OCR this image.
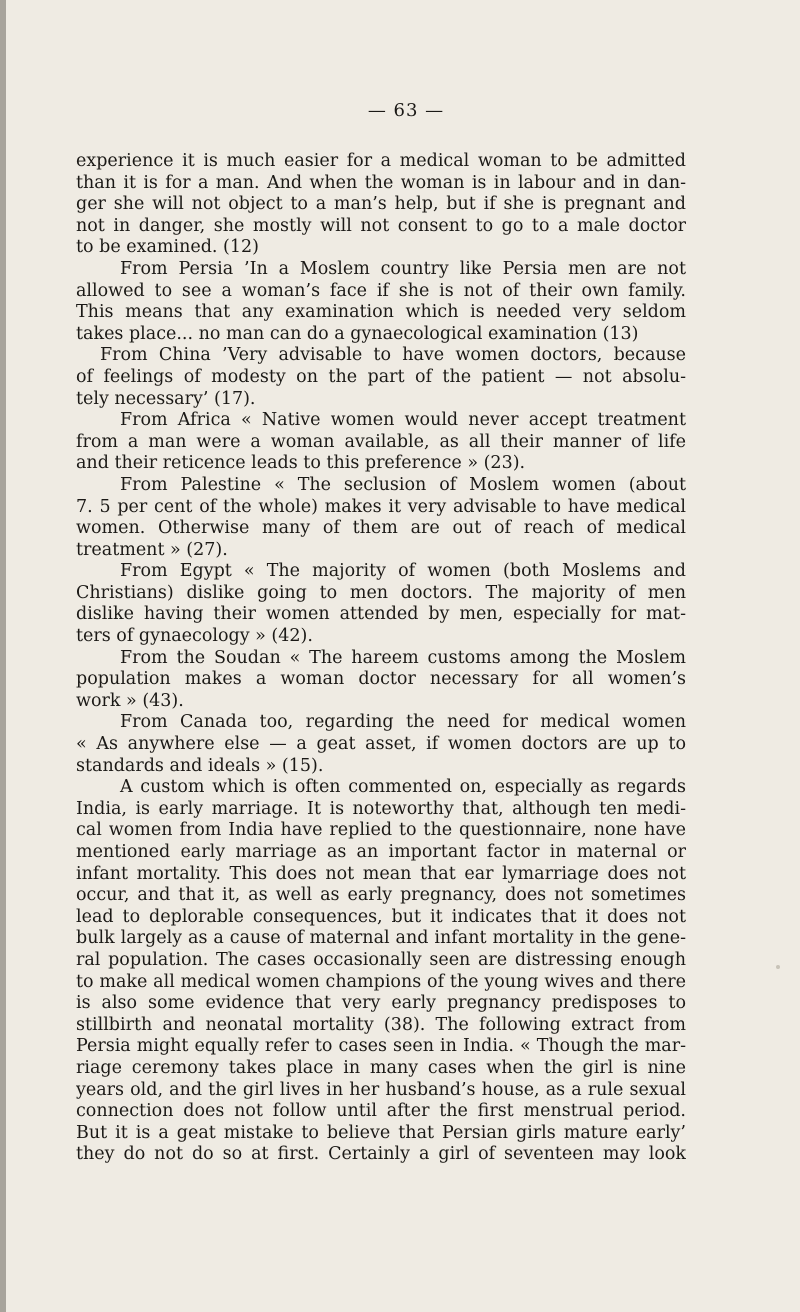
— 63 —
experience it is much easier for a medical woman to be admitted
than it is for a man. And when the woman is in labour and in dan-
ger she will not object to a man’s help, but if she is pregnant and
not in danger, she mostly will not consent to go to a male doctor
to be examined. (12)
From Persia ’In a Moslem country like Persia men are not
allowed to see a woman’s face if she is not of their own family.
This means that any examination which is needed very seldom
takes place... no man can do a gynaecological examination (13)
From China ’Very advisable to have women doctors, because
of feelings of modesty on the part of the patient — not absolu-
tely necessary’ (17).
From Africa « Native women would never accept treatment
from a man were a woman available, as all their manner of life
and their reticence leads to this preference » (23).
From Palestine « The seclusion of Moslem women (about
7. 5 per cent of the whole) makes it very advisable to have medical
women. Otherwise many of them are out of reach of medical
treatment » (27).
From Egypt « The majority of women (both Moslems and
Christians) dislike going to men doctors. The majority of men
dislike having their women attended by men, especially for mat-
ters of gynaecology » (42).
From the Soudan « The hareem customs among the Moslem
population makes a woman doctor necessary for all women’s
work » (43).
From Canada too, regarding the need for medical women
« As anywhere else — a geat asset, if women doctors are up to
standards and ideals » (15).
A custom which is often commented on, especially as regards
India, is early marriage. It is noteworthy that, although ten medi-
cal women from India have replied to the questionnaire, none have
mentioned early marriage as an important factor in maternal or
infant mortality. This does not mean that ear lymarriage does not
occur, and that it, as well as early pregnancy, does not sometimes
lead to deplorable consequences, but it indicates that it does not
bulk largely as a cause of maternal and infant mortality in the gene-
ral population. The cases occasionally seen are distressing enough
to make all medical women champions of the young wives and there
is also some evidence that very early pregnancy predisposes to
stillbirth and neonatal mortality (38). The following extract from
Persia might equally refer to cases seen in India. « Though the mar-
riage ceremony takes place in many cases when the girl is nine
years old, and the girl lives in her husband’s house, as a rule sexual
connection does not follow until after the first menstrual period.
But it is a geat mistake to believe that Persian girls mature early’
they do not do so at first. Certainly a girl of seventeen may look
